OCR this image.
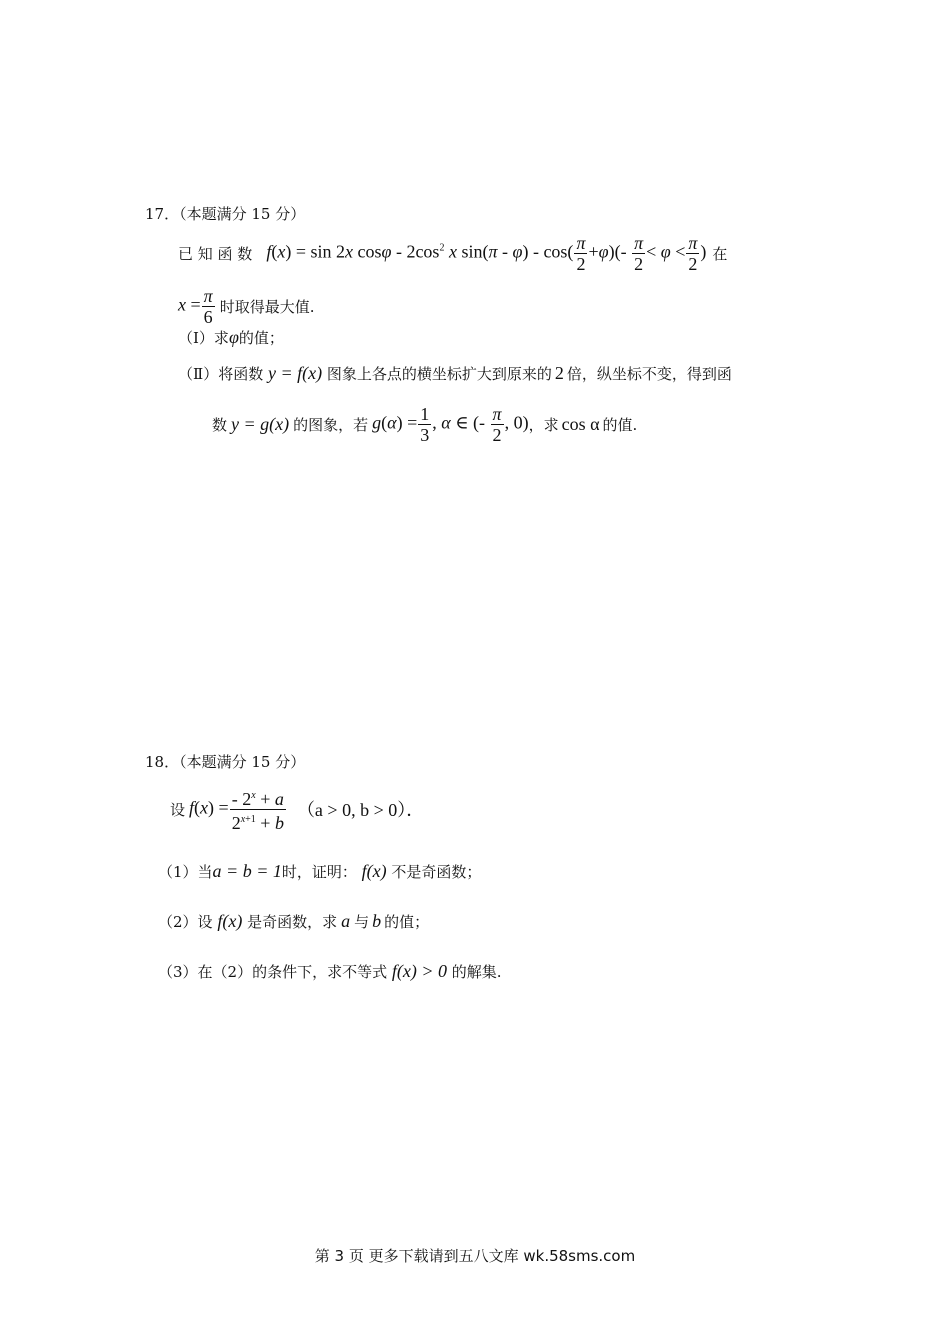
17．（本题满分 15 分）
已 知 函 数 f(x) = sin 2x cosφ - $2\cos^2$ x $\sin(\pi - \varphi) - \cos( \frac{\pi}{2} +\varphi)(- \frac{\pi}{2} < \varphi < \frac{\pi}{2}$ ) 在
$x = \frac{\pi}{6}$ 时取得最大值.
（Ⅰ）求φ的值；
（Ⅱ）将函数 y = f(x) 图象上各点的横坐标扩大到原来的 2 倍，纵坐标不变，得到函
数 y = g(x) 的图象，若 $g(\alpha) = \frac{1}{3}$ , α ∈ (- $\frac{\pi}{2}$ , 0) ，求 cos α 的值.
18．（本题满分 15 分）
设 $f(x) = \frac{- 2^x + a}{2^{x+1} + b} (a > 0$, b > 0）．
（1）当a = b = 1时，证明： f(x) 不是奇函数；
（2）设 f(x) 是奇函数，求 a 与 b 的值；
（3）在（2）的条件下，求不等式 f(x) > 0 的解集.
第 3 页 更多下载请到五八文库 wk.58sms.com
